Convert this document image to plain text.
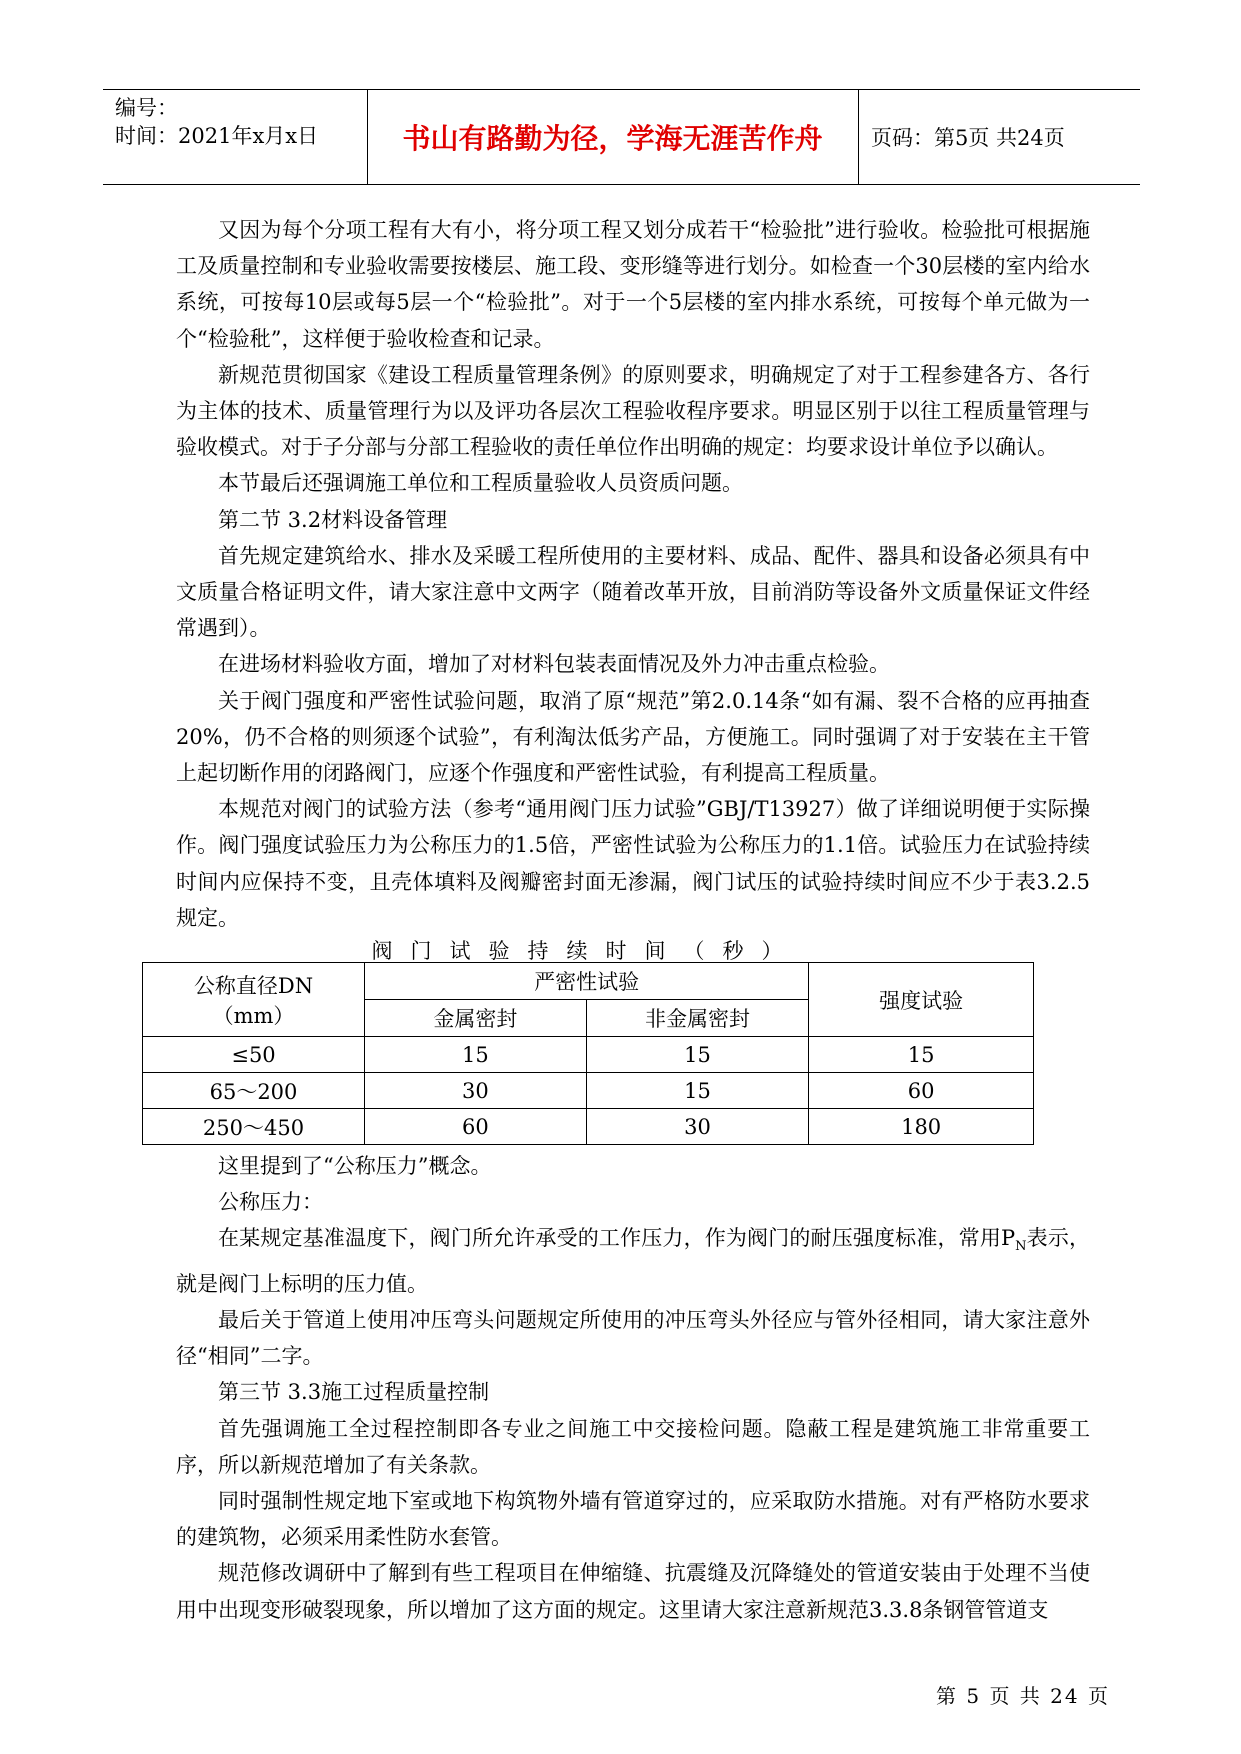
编号：
时间：2021年x月x日	书山有路勤为径，学海无涯苦作舟	页码：第5页 共24页

又因为每个分项工程有大有小，将分项工程又划分成若干“检验批”进行验收。检验批可根据施工及质量控制和专业验收需要按楼层、施工段、变形缝等进行划分。如检查一个30层楼的室内给水系统，可按每10层或每5层一个“检验批”。对于一个5层楼的室内排水系统，可按每个单元做为一个“检验秕”，这样便于验收检查和记录。

新规范贯彻国家《建设工程质量管理条例》的原则要求，明确规定了对于工程参建各方、各行为主体的技术、质量管理行为以及评功各层次工程验收程序要求。明显区别于以往工程质量管理与验收模式。对于子分部与分部工程验收的责任单位作出明确的规定：均要求设计单位予以确认。

本节最后还强调施工单位和工程质量验收人员资质问题。

第二节 3.2材料设备管理

首先规定建筑给水、排水及采暖工程所使用的主要材料、成品、配件、器具和设备必须具有中文质量合格证明文件，请大家注意中文两字（随着改革开放，目前消防等设备外文质量保证文件经常遇到）。

在进场材料验收方面，增加了对材料包装表面情况及外力冲击重点检验。

关于阀门强度和严密性试验问题，取消了原“规范”第2.0.14条“如有漏、裂不合格的应再抽查20%，仍不合格的则须逐个试验”，有利淘汰低劣产品，方便施工。同时强调了对于安装在主干管上起切断作用的闭路阀门，应逐个作强度和严密性试验，有利提高工程质量。

本规范对阀门的试验方法（参考“通用阀门压力试验”GBJ/T13927）做了详细说明便于实际操作。阀门强度试验压力为公称压力的1.5倍，严密性试验为公称压力的1.1倍。试验压力在试验持续时间内应保持不变，且壳体填料及阀瓣密封面无渗漏，阀门试压的试验持续时间应不少于表3.2.5规定。

阀门试验持续时间（秒）
公称直径DN
（mm）	严密性试验		强度试验
	金属密封	非金属密封	
≤50	15	15	15
65～200	30	15	60
250～450	60	30	180

这里提到了“公称压力”概念。

公称压力：

在某规定基准温度下，阀门所允许承受的工作压力，作为阀门的耐压强度标准，常用$P_N$表示，就是阀门上标明的压力值。

最后关于管道上使用冲压弯头问题规定所使用的冲压弯头外径应与管外径相同，请大家注意外径“相同”二字。

第三节 3.3施工过程质量控制

首先强调施工全过程控制即各专业之间施工中交接检问题。隐蔽工程是建筑施工非常重要工序，所以新规范增加了有关条款。

同时强制性规定地下室或地下构筑物外墙有管道穿过的，应采取防水措施。对有严格防水要求的建筑物，必须采用柔性防水套管。

规范修改调研中了解到有些工程项目在伸缩缝、抗震缝及沉降缝处的管道安装由于处理不当使用中出现变形破裂现象，所以增加了这方面的规定。这里请大家注意新规范3.3.8条钢管管道支

第 5 页 共 24 页
